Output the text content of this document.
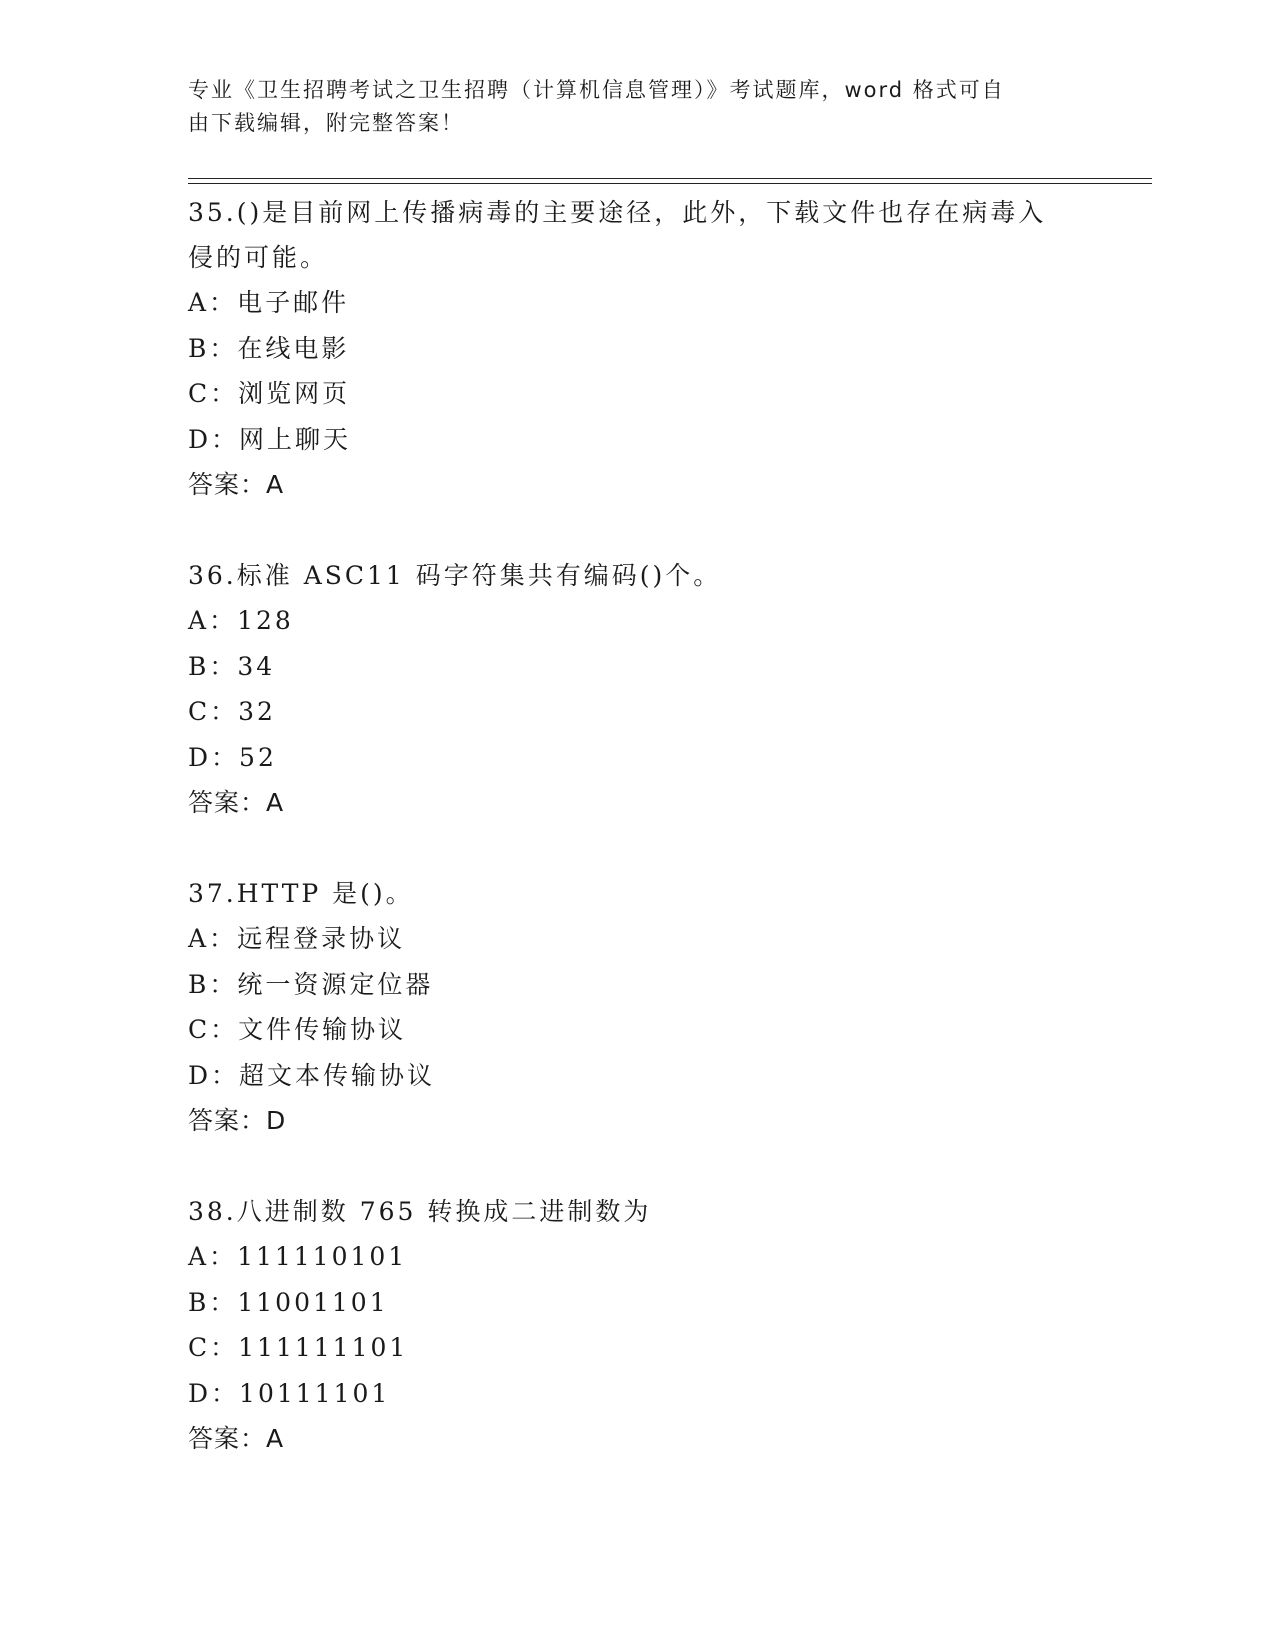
专业《卫生招聘考试之卫生招聘（计算机信息管理）》考试题库，word 格式可自
由下载编辑，附完整答案！

35.()是目前网上传播病毒的主要途径，此外，下载文件也存在病毒入

侵的可能。

A：电子邮件

B：在线电影

C：浏览网页

D：网上聊天

答案：A

36.标准 ASC11 码字符集共有编码()个。

A：128

B：34

C：32

D：52

答案：A

37.HTTP 是()。

A：远程登录协议

B：统一资源定位器

C：文件传输协议

D：超文本传输协议

答案：D

38.八进制数 765 转换成二进制数为

A：111110101

B：11001101

C：111111101

D：10111101

答案：A
